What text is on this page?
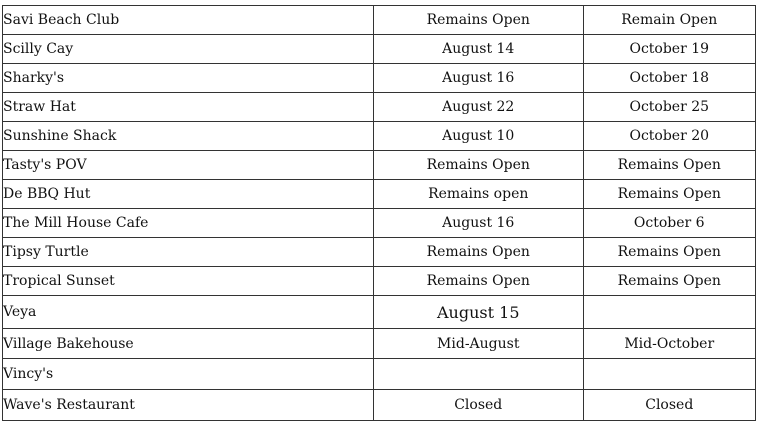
Savi Beach Club	Remains Open	Remain Open
Scilly Cay	August 14	October 19
Sharky's	August 16	October 18
Straw Hat	August 22	October 25
Sunshine Shack	August 10	October 20
Tasty's POV	Remains Open	Remains Open
De BBQ Hut	Remains open	Remains Open
The Mill House Cafe	August 16	October 6
Tipsy Turtle	Remains Open	Remains Open
Tropical Sunset	Remains Open	Remains Open
Veya	August 15	
Village Bakehouse	Mid-August	Mid-October
Vincy's		
Wave's Restaurant	Closed	Closed
